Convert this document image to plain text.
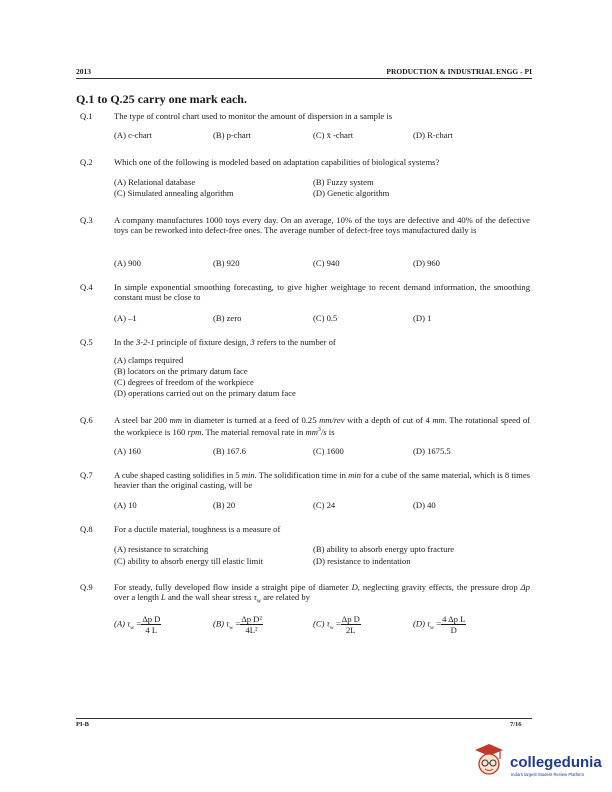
2013	PRODUCTION & INDUSTRIAL ENGG - PI
Q.1 to Q.25 carry one mark each.
Q.1 The type of control chart used to monitor the amount of dispersion in a sample is
(A) c-chart	(B) p-chart	(C) x̄ -chart	(D) R-chart
Q.2 Which one of the following is modeled based on adaptation capabilities of biological systems?
(A) Relational database	(B) Fuzzy system
(C) Simulated annealing algorithm	(D) Genetic algorithm
Q.3 A company manufactures 1000 toys every day. On an average, 10% of the toys are defective and 40% of the defective toys can be reworked into defect-free ones. The average number of defect-free toys manufactured daily is
(A) 900	(B) 920	(C) 940	(D) 960
Q.4 In simple exponential smoothing forecasting, to give higher weightage to recent demand information, the smoothing constant must be close to
(A) –1	(B) zero	(C) 0.5	(D) 1
Q.5 In the 3-2-1 principle of fixture design, 3 refers to the number of
(A) clamps required
(B) locators on the primary datum face
(C) degrees of freedom of the workpiece
(D) operations carried out on the primary datum face
Q.6 A steel bar 200 mm in diameter is turned at a feed of 0.25 mm/rev with a depth of cut of 4 mm. The rotational speed of the workpiece is 160 rpm. The material removal rate in $mm^3/s$ is
(A) 160	(B) 167.6	(C) 1600	(D) 1675.5
Q.7 A cube shaped casting solidifies in 5 min. The solidification time in min for a cube of the same material, which is 8 times heavier than the original casting, will be
(A) 10	(B) 20	(C) 24	(D) 40
Q.8 For a ductile material, toughness is a measure of
(A) resistance to scratching	(B) ability to absorb energy upto fracture
(C) ability to absorb energy till elastic limit	(D) resistance to indentation
Q.9 For steady, fully developed flow inside a straight pipe of diameter D, neglecting gravity effects, the pressure drop Δp over a length L and the wall shear stress $\tau_w$ are related by
(A) $\tau_w = \frac{\text{Δp D}}{4 L}$	(B) $\tau_w = \frac{\text{Δp D²}}{\text{4L²}}$	(C) $\tau_w = \frac{\text{Δp D}}{2L}$	(D) $\tau_w = \frac{\text{4 Δp L}}{D}$
PI-B	7/16
collegedunia
India's largest Student Review Platform
